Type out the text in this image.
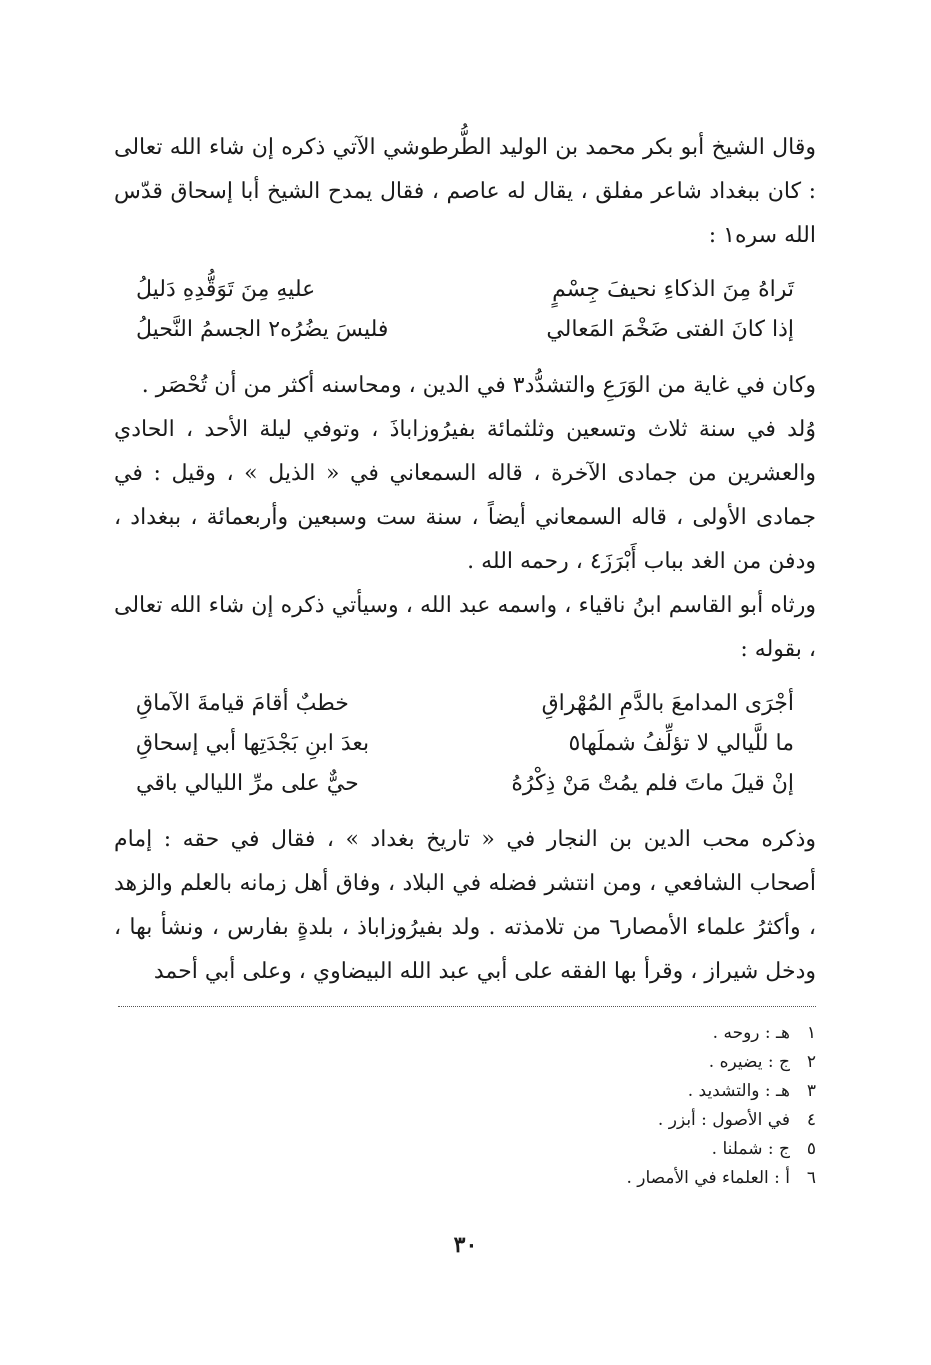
وقال الشيخ أبو بكر محمد بن الوليد الطُّرطوشي الآتي ذكره إن شاء الله تعالى : كان ببغداد شاعر مفلق ، يقال له عاصم ، فقال يمدح الشيخ أبا إسحاق قدّس الله سره١ :

تَراهُ مِنَ الذكاءِ نحيفَ جِسْمٍ
عليهِ مِنَ تَوَقُّدِهِ دَليلُ
إذا كانَ الفتى ضَخْمَ المَعالي
فليسَ يضُرُه٢ الجسمُ النَّحيلُ

وكان في غاية من الوَرَعِ والتشدُّد٣ في الدين ، ومحاسنه أكثر من أن تُحْصَر .

وُلد في سنة ثلاث وتسعين وثلثمائة بفيرُوزاباذَ ، وتوفي ليلة الأحد ، الحادي والعشرين من جمادى الآخرة ، قاله السمعاني في « الذيل » ، وقيل : في جمادى الأولى ، قاله السمعاني أيضاً ، سنة ست وسبعين وأربعمائة ، ببغداد ، ودفن من الغد بباب أَبْرَزَ٤ ، رحمه الله .

ورثاه أبو القاسم ابنُ ناقياء ، واسمه عبد الله ، وسيأتي ذكره إن شاء الله تعالى ، بقوله :

أجْرَى المدامعَ بالدَّمِ المُهْراقِ
خطبٌ أقامَ قيامةَ الآماقِ
ما للَّيالي لا تؤلِّفُ شملَها٥
بعدَ ابنِ بَجْدَتِها أبي إسحاقِ
إنْ قيلَ ماتَ فلم يمُتْ مَنْ ذِكْرُهُ
حيٌّ على مرِّ الليالي باقي

وذكره محب الدين بن النجار في « تاريخ بغداد » ، فقال في حقه : إمام أصحاب الشافعي ، ومن انتشر فضله في البلاد ، وفاق أهل زمانه بالعلم والزهد ، وأكثرُ علماء الأمصار٦ من تلامذته . ولد بفيرُوزاباذ ، بلدةٍ بفارس ، ونشأ بها ، ودخل شيراز ، وقرأ بها الفقه على أبي عبد الله البيضاوي ، وعلى أبي أحمد

١
هـ : روحه .
٢
ج : يضيره .
٣
هـ : والتشديد .
٤
في الأصول : أبزر .
٥
ج : شملنا .
٦
أ : العلماء في الأمصار .
٣٠
